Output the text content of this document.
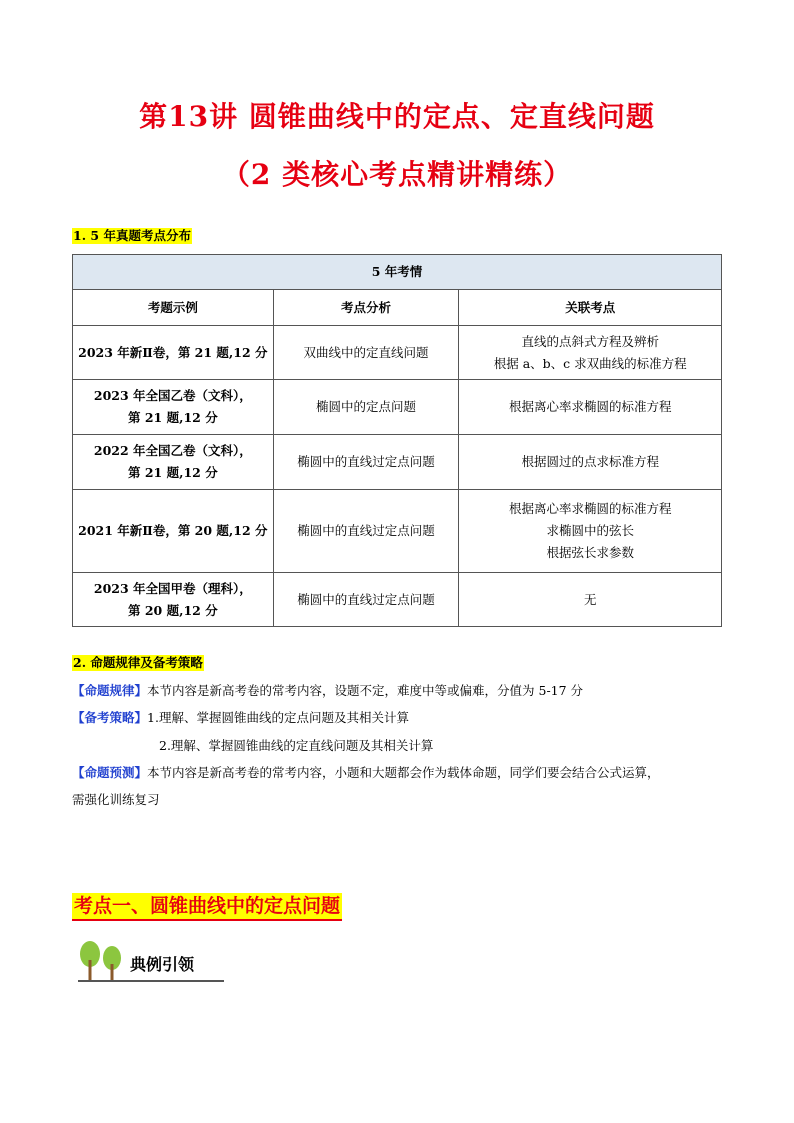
第13讲 圆锥曲线中的定点、定直线问题
（2 类核心考点精讲精练）
1. 5 年真题考点分布
5 年考情		
考题示例	考点分析	关联考点

2023 年新Ⅱ卷，第 21 题,12 分	双曲线中的定直线问题	直线的点斜式方程及辨析
根据 a、b、c 求双曲线的标准方程

2023 年全国乙卷（文科），
第 21 题,12 分	椭圆中的定点问题	根据离心率求椭圆的标准方程

2022 年全国乙卷（文科），
第 21 题,12 分	椭圆中的直线过定点问题	根据圆过的点求标准方程

2021 年新Ⅱ卷，第 20 题,12 分	椭圆中的直线过定点问题	根据离心率求椭圆的标准方程
求椭圆中的弦长
根据弦长求参数

2023 年全国甲卷（理科），
第 20 题,12 分	椭圆中的直线过定点问题	无
2. 命题规律及备考策略
【命题规律】本节内容是新高考卷的常考内容，设题不定，难度中等或偏难，分值为 5-17 分
【备考策略】1.理解、掌握圆锥曲线的定点问题及其相关计算
2.理解、掌握圆锥曲线的定直线问题及其相关计算
【命题预测】本节内容是新高考卷的常考内容，小题和大题都会作为载体命题，同学们要会结合公式运算，
需强化训练复习
考点一、圆锥曲线中的定点问题
典例引领
